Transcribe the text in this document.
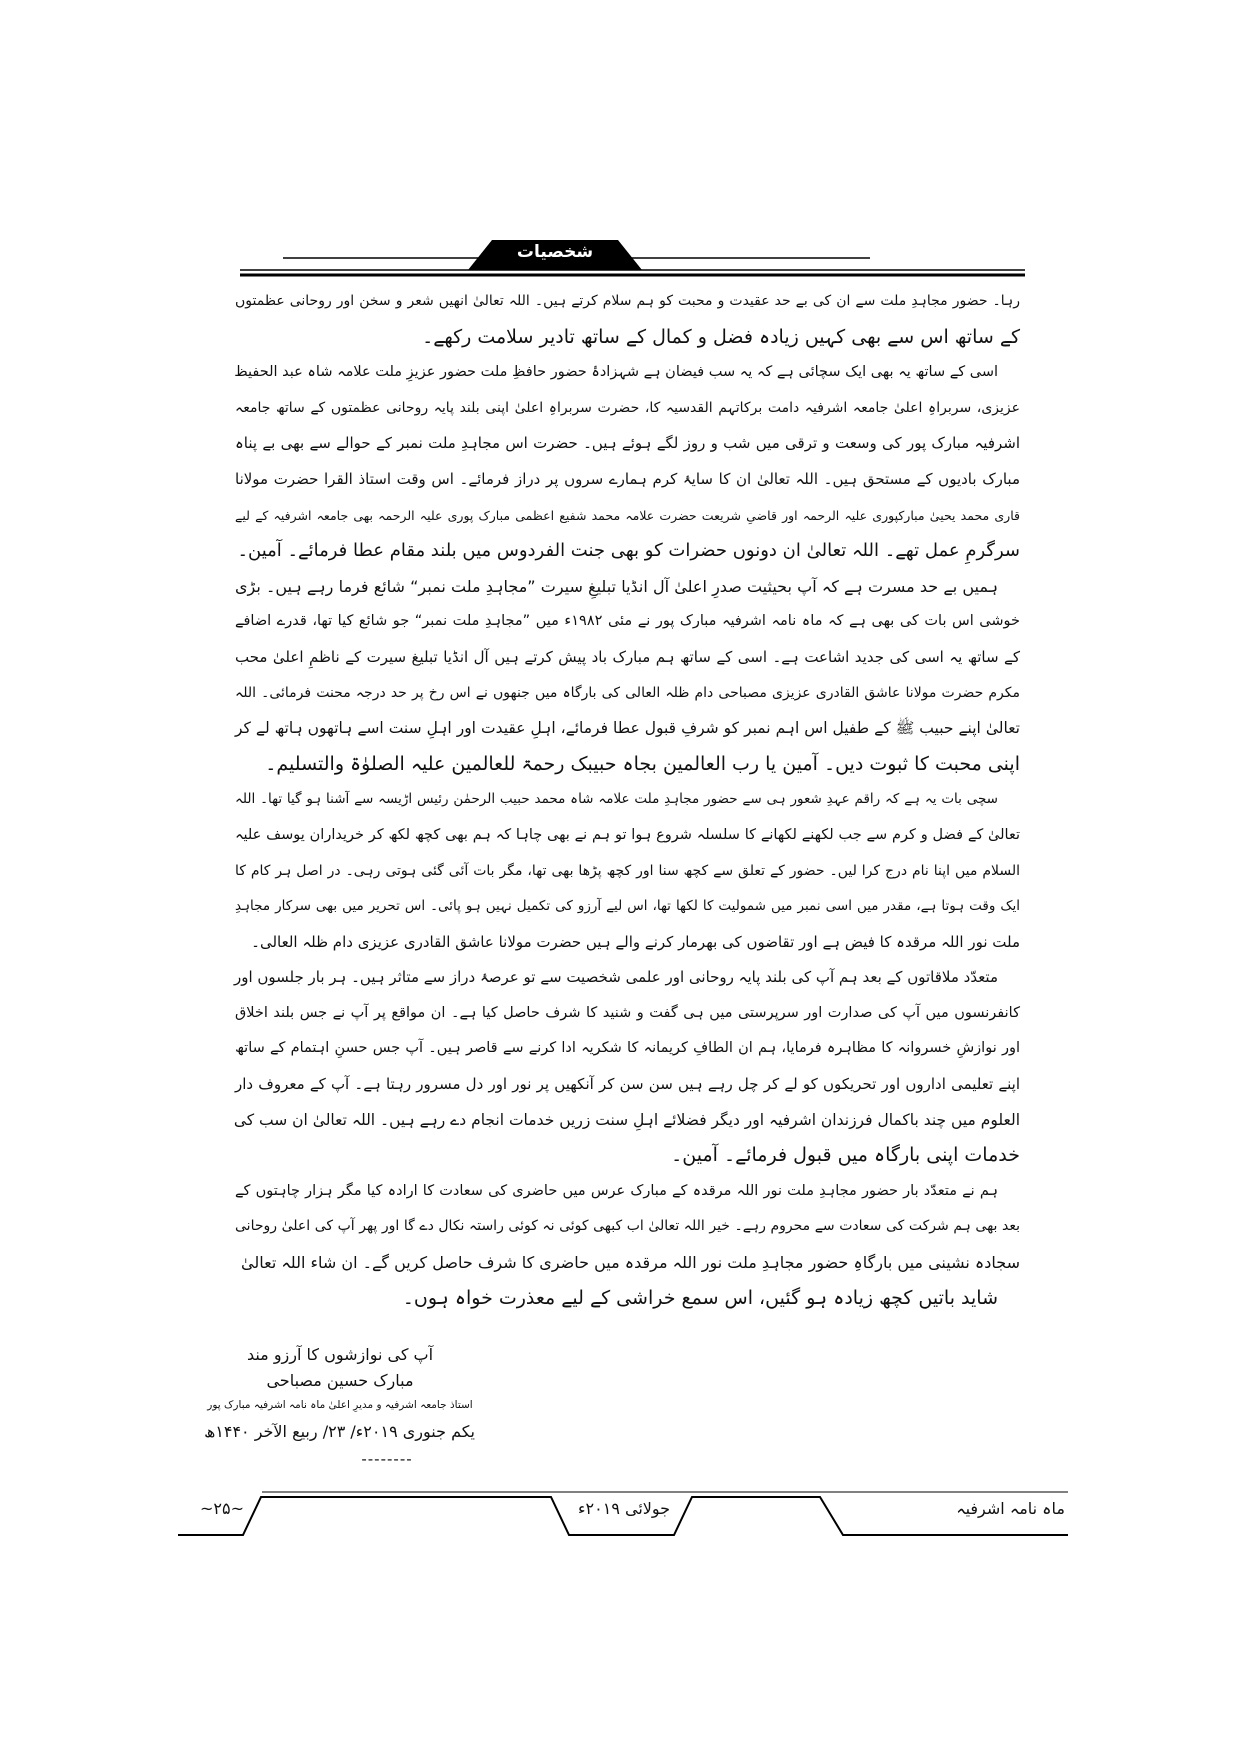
شخصیات
رہا۔ حضور مجاہدِ ملت سے ان کی بے حد عقیدت و محبت کو ہم سلام کرتے ہیں۔ اللہ تعالیٰ انھیں شعر و سخن اور روحانی عظمتوں
کے ساتھ اس سے بھی کہیں زیادہ فضل و کمال کے ساتھ تادیر سلامت رکھے۔
اسی کے ساتھ یہ بھی ایک سچائی ہے کہ یہ سب فیضان ہے شہزادۂ حضور حافظِ ملت حضور عزیزِ ملت علامہ شاہ عبد الحفیظ
عزیزی، سربراہِ اعلیٰ جامعہ اشرفیہ دامت برکاتہم القدسیہ کا، حضرت سربراہِ اعلیٰ اپنی بلند پایہ روحانی عظمتوں کے ساتھ جامعہ
اشرفیہ مبارک پور کی وسعت و ترقی میں شب و روز لگے ہوئے ہیں۔ حضرت اس مجاہدِ ملت نمبر کے حوالے سے بھی بے پناہ
مبارک بادیوں کے مستحق ہیں۔ اللہ تعالیٰ ان کا سایۂ کرم ہمارے سروں پر دراز فرمائے۔ اس وقت استاذ القرا حضرت مولانا
قاری محمد یحییٰ مبارکپوری علیہ الرحمہ اور قاضیِ شریعت حضرت علامہ محمد شفیع اعظمی مبارک پوری علیہ الرحمہ بھی جامعہ اشرفیہ کے لیے
سرگرمِ عمل تھے۔ اللہ تعالیٰ ان دونوں حضرات کو بھی جنت الفردوس میں بلند مقام عطا فرمائے۔ آمین۔
ہمیں بے حد مسرت ہے کہ آپ بحیثیت صدرِ اعلیٰ آل انڈیا تبلیغِ سیرت ”مجاہدِ ملت نمبر“ شائع فرما رہے ہیں۔ بڑی
خوشی اس بات کی بھی ہے کہ ماہ نامہ اشرفیہ مبارک پور نے مئی ۱۹۸۲ء میں ”مجاہدِ ملت نمبر“ جو شائع کیا تھا، قدرے اضافے
کے ساتھ یہ اسی کی جدید اشاعت ہے۔ اسی کے ساتھ ہم مبارک باد پیش کرتے ہیں آل انڈیا تبلیغ سیرت کے ناظمِ اعلیٰ محب
مکرم حضرت مولانا عاشق القادری عزیزی مصباحی دام ظلہ العالی کی بارگاہ میں جنھوں نے اس رخ پر حد درجہ محنت فرمائی۔ اللہ
تعالیٰ اپنے حبیب ﷺ کے طفیل اس اہم نمبر کو شرفِ قبول عطا فرمائے، اہلِ عقیدت اور اہلِ سنت اسے ہاتھوں ہاتھ لے کر
اپنی محبت کا ثبوت دیں۔ آمین یا رب العالمین بجاہ حبیبک رحمۃ للعالمین علیہ الصلوٰۃ والتسلیم۔
سچی بات یہ ہے کہ راقم عہدِ شعور ہی سے حضور مجاہدِ ملت علامہ شاہ محمد حبیب الرحمٰن رئیس اڑیسہ سے آشنا ہو گیا تھا۔ اللہ
تعالیٰ کے فضل و کرم سے جب لکھنے لکھانے کا سلسلہ شروع ہوا تو ہم نے بھی چاہا کہ ہم بھی کچھ لکھ کر خریداران یوسف علیہ
السلام میں اپنا نام درج کرا لیں۔ حضور کے تعلق سے کچھ سنا اور کچھ پڑھا بھی تھا، مگر بات آئی گئی ہوتی رہی۔ در اصل ہر کام کا
ایک وقت ہوتا ہے، مقدر میں اسی نمبر میں شمولیت کا لکھا تھا، اس لیے آرزو کی تکمیل نہیں ہو پائی۔ اس تحریر میں بھی سرکار مجاہدِ
ملت نور اللہ مرقدہ کا فیض ہے اور تقاضوں کی بھرمار کرنے والے ہیں حضرت مولانا عاشق القادری عزیزی دام ظلہ العالی۔
متعدّد ملاقاتوں کے بعد ہم آپ کی بلند پایہ روحانی اور علمی شخصیت سے تو عرصۂ دراز سے متاثر ہیں۔ ہر بار جلسوں اور
کانفرنسوں میں آپ کی صدارت اور سرپرستی میں ہی گفت و شنید کا شرف حاصل کیا ہے۔ ان مواقع پر آپ نے جس بلند اخلاق
اور نوازشِ خسروانہ کا مظاہرہ فرمایا، ہم ان الطافِ کریمانہ کا شکریہ ادا کرنے سے قاصر ہیں۔ آپ جس حسنِ اہتمام کے ساتھ
اپنے تعلیمی اداروں اور تحریکوں کو لے کر چل رہے ہیں سن سن کر آنکھیں پر نور اور دل مسرور رہتا ہے۔ آپ کے معروف دار
العلوم میں چند باکمال فرزندان اشرفیہ اور دیگر فضلائے اہلِ سنت زریں خدمات انجام دے رہے ہیں۔ اللہ تعالیٰ ان سب کی
خدمات اپنی بارگاہ میں قبول فرمائے۔ آمین۔
ہم نے متعدّد بار حضور مجاہدِ ملت نور اللہ مرقدہ کے مبارک عرس میں حاضری کی سعادت کا ارادہ کیا مگر ہزار چاہتوں کے
بعد بھی ہم شرکت کی سعادت سے محروم رہے۔ خیر اللہ تعالیٰ اب کبھی کوئی نہ کوئی راستہ نکال دے گا اور پھر آپ کی اعلیٰ روحانی
سجادہ نشینی میں بارگاہِ حضور مجاہدِ ملت نور اللہ مرقدہ میں حاضری کا شرف حاصل کریں گے۔ ان شاء اللہ تعالیٰ
شاید باتیں کچھ زیادہ ہو گئیں، اس سمع خراشی کے لیے معذرت خواہ ہوں۔
آپ کی نوازشوں کا آرزو مند
مبارک حسین مصباحی
استاذ جامعہ اشرفیہ و مدیرِ اعلیٰ ماہ نامہ اشرفیہ مبارک پور
یکم جنوری ۲۰۱۹ء/ ۲۳/ ربیع الآخر ۱۴۴۰ھ
--------
~۲۵~	جولائی ۲۰۱۹ء	ماہ نامہ اشرفیہ
